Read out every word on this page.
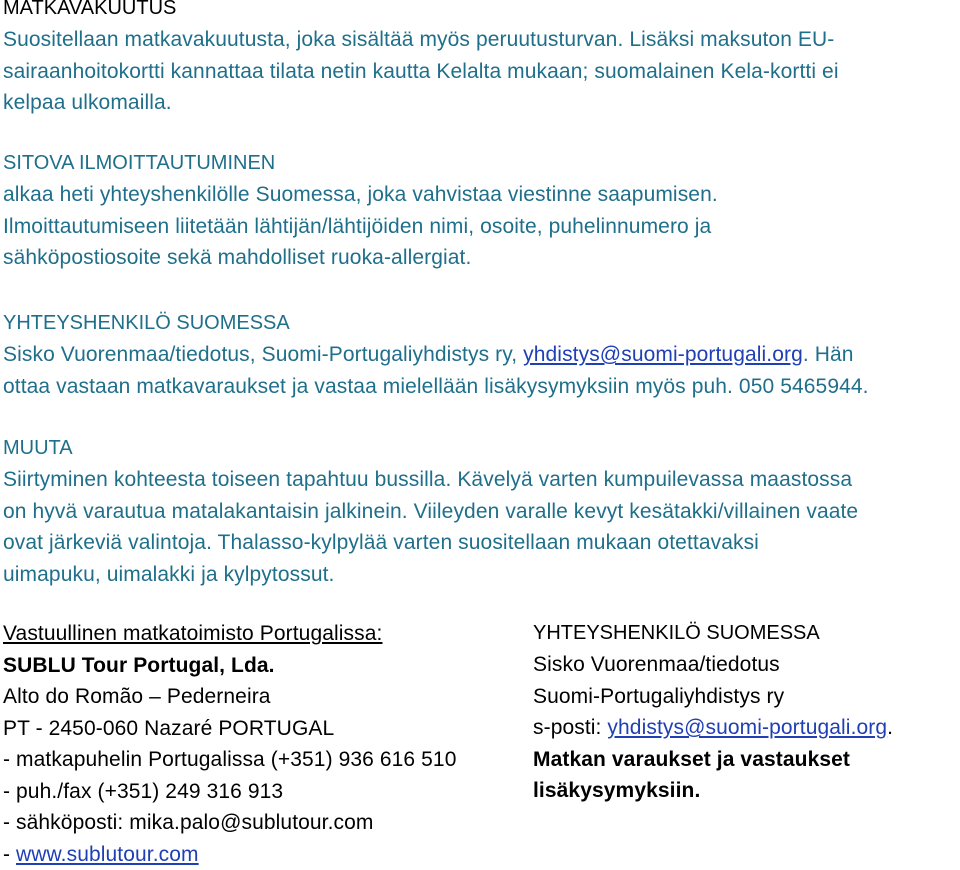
MATKAVAKUUTUS
Suositellaan matkavakuutusta, joka sisältää myös peruutusturvan. Lisäksi maksuton EU-
sairaanhoitokortti kannattaa tilata netin kautta Kelalta mukaan; suomalainen Kela-kortti ei
kelpaa ulkomailla.
SITOVA ILMOITTAUTUMINEN
alkaa heti yhteyshenkilölle Suomessa, joka vahvistaa viestinne saapumisen.
Ilmoittautumiseen liitetään lähtijän/lähtijöiden nimi, osoite, puhelinnumero ja
sähköpostiosoite sekä mahdolliset ruoka-allergiat.
YHTEYSHENKILÖ SUOMESSA
Sisko Vuorenmaa/tiedotus, Suomi-Portugaliyhdistys ry, yhdistys@suomi-portugali.org. Hän
ottaa vastaan matkavaraukset ja vastaa mielellään lisäkysymyksiin myös puh. 050 5465944.
MUUTA
Siirtyminen kohteesta toiseen tapahtuu bussilla. Kävelyä varten kumpuilevassa maastossa
on hyvä varautua matalakantaisin jalkinein. Viileyden varalle kevyt kesätakki/villainen vaate
ovat järkeviä valintoja. Thalasso-kylpylää varten suositellaan mukaan otettavaksi
uimapuku, uimalakki ja kylpytossut.
Vastuullinen matkatoimisto Portugalissa:
SUBLU Tour Portugal, Lda.
Alto do Romão – Pederneira
PT - 2450-060 Nazaré PORTUGAL
- matkapuhelin Portugalissa (+351) 936 616 510
- puh./fax (+351) 249 316 913
- sähköposti: mika.palo@sublutour.com
- www.sublutour.com
YHTEYSHENKILÖ SUOMESSA
Sisko Vuorenmaa/tiedotus
Suomi-Portugaliyhdistys ry
s-posti: yhdistys@suomi-portugali.org.
Matkan varaukset ja vastaukset
lisäkysymyksiin.
